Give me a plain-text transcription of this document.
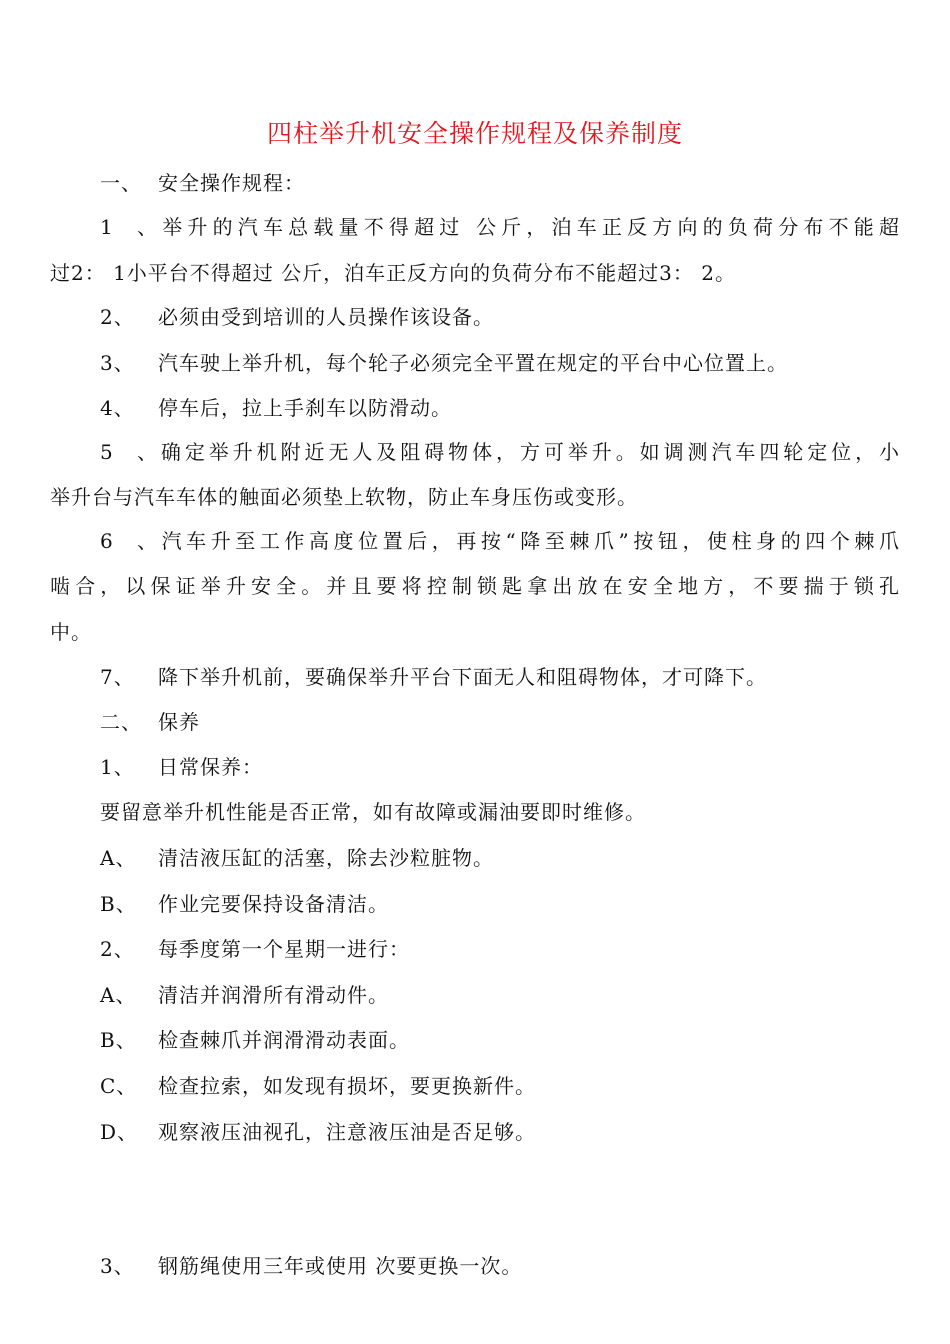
四柱举升机安全操作规程及保养制度
一、 安全操作规程：
1、举升的汽车总载量不得超过 公斤，泊车正反方向的负荷分布不能超
过2： 1小平台不得超过 公斤，泊车正反方向的负荷分布不能超过3： 2。
2、 必须由受到培训的人员操作该设备。
3、 汽车驶上举升机，每个轮子必须完全平置在规定的平台中心位置上。
4、 停车后，拉上手刹车以防滑动。
5、确定举升机附近无人及阻碍物体，方可举升。如调测汽车四轮定位，小
举升台与汽车车体的触面必须垫上软物，防止车身压伤或变形。
6、汽车升至工作高度位置后，再按“降至棘爪”按钮，使柱身的四个棘爪
啮合，以保证举升安全。并且要将控制锁匙拿出放在安全地方，不要揣于锁孔
中。
7、 降下举升机前，要确保举升平台下面无人和阻碍物体，才可降下。
二、 保养
1、 日常保养：
要留意举升机性能是否正常，如有故障或漏油要即时维修。
A、 清洁液压缸的活塞，除去沙粒脏物。
B、 作业完要保持设备清洁。
2、 每季度第一个星期一进行：
A、 清洁并润滑所有滑动件。
B、 检查棘爪并润滑滑动表面。
C、 检查拉索，如发现有损坏，要更换新件。
D、 观察液压油视孔，注意液压油是否足够。
3、 钢筋绳使用三年或使用 次要更换一次。
